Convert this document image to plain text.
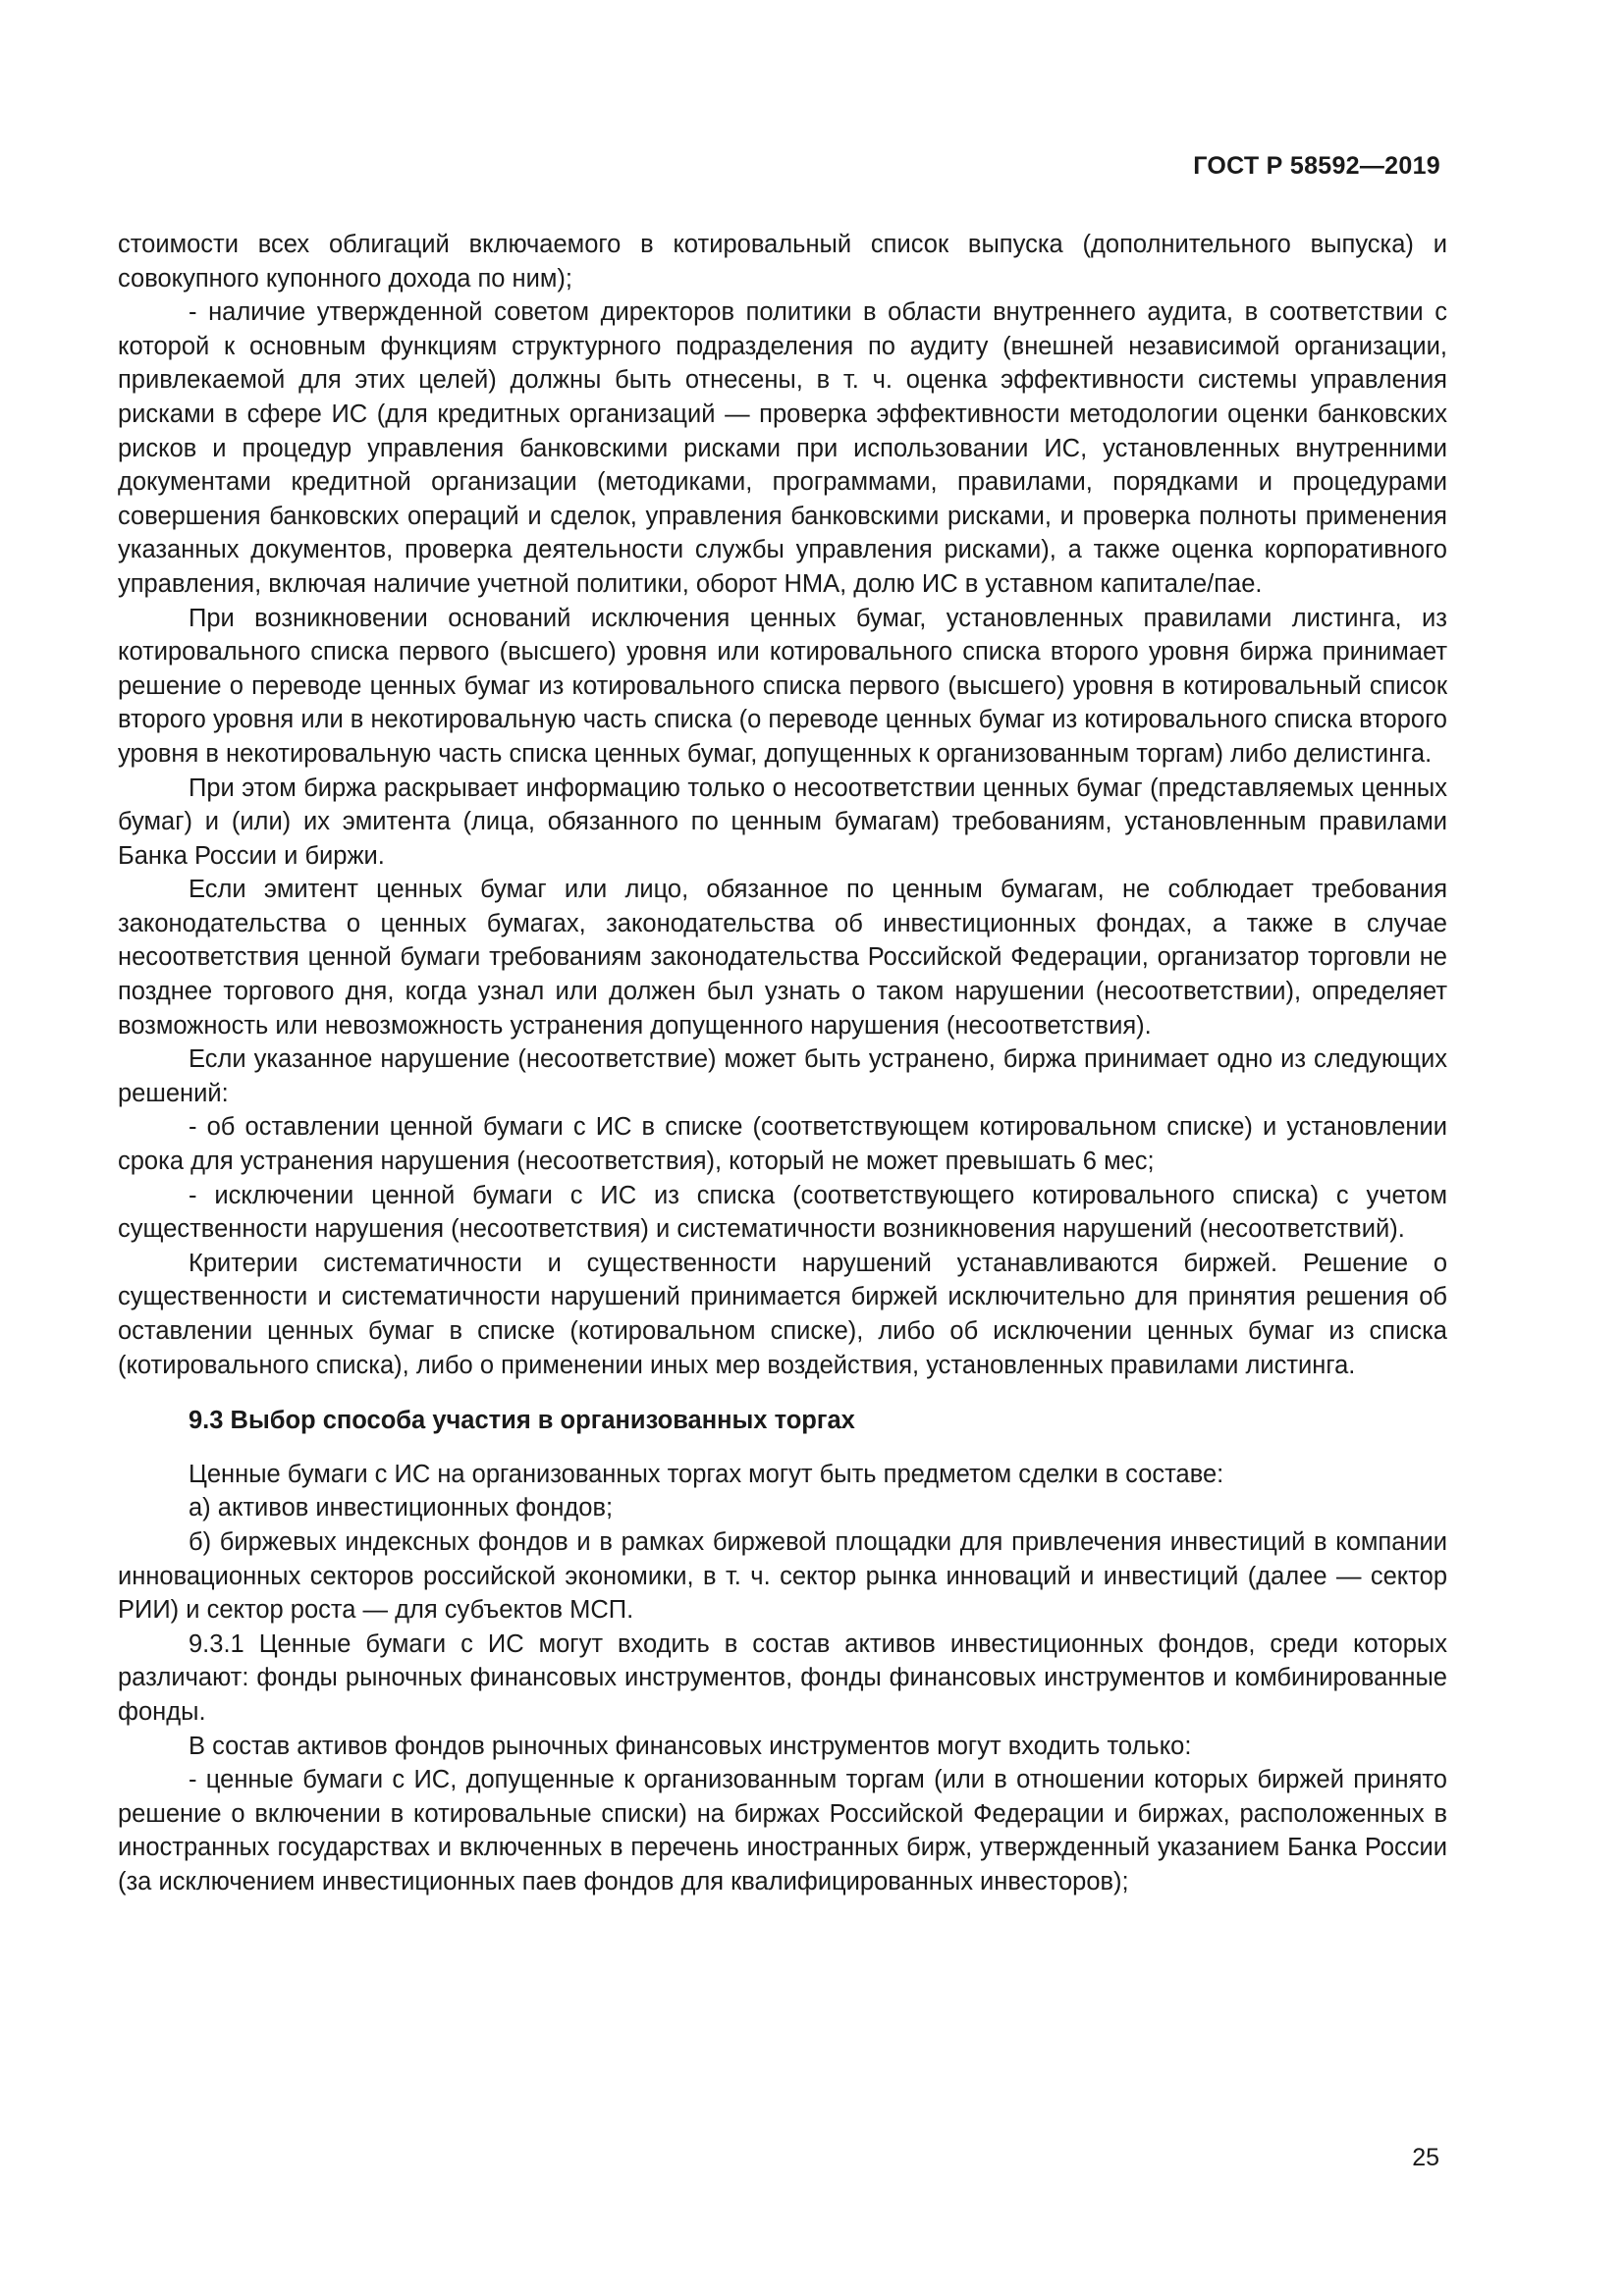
ГОСТ Р 58592—2019

стоимости всех облигаций включаемого в котировальный список выпуска (дополнительного выпуска) и совокупного купонного дохода по ним);

- наличие утвержденной советом директоров политики в области внутреннего аудита, в соответствии с которой к основным функциям структурного подразделения по аудиту (внешней независимой организации, привлекаемой для этих целей) должны быть отнесены, в т. ч. оценка эффективности системы управления рисками в сфере ИС (для кредитных организаций — проверка эффективности методологии оценки банковских рисков и процедур управления банковскими рисками при использовании ИС, установленных внутренними документами кредитной организации (методиками, программами, правилами, порядками и процедурами совершения банковских операций и сделок, управления банковскими рисками, и проверка полноты применения указанных документов, проверка деятельности службы управления рисками), а также оценка корпоративного управления, включая наличие учетной политики, оборот НМА, долю ИС в уставном капитале/пае.

При возникновении оснований исключения ценных бумаг, установленных правилами листинга, из котировального списка первого (высшего) уровня или котировального списка второго уровня биржа принимает решение о переводе ценных бумаг из котировального списка первого (высшего) уровня в котировальный список второго уровня или в некотировальную часть списка (о переводе ценных бумаг из котировального списка второго уровня в некотировальную часть списка ценных бумаг, допущенных к организованным торгам) либо делистинга.

При этом биржа раскрывает информацию только о несоответствии ценных бумаг (представляемых ценных бумаг) и (или) их эмитента (лица, обязанного по ценным бумагам) требованиям, установленным правилами Банка России и биржи.

Если эмитент ценных бумаг или лицо, обязанное по ценным бумагам, не соблюдает требования законодательства о ценных бумагах, законодательства об инвестиционных фондах, а также в случае несоответствия ценной бумаги требованиям законодательства Российской Федерации, организатор торговли не позднее торгового дня, когда узнал или должен был узнать о таком нарушении (несоответствии), определяет возможность или невозможность устранения допущенного нарушения (несоответствия).

Если указанное нарушение (несоответствие) может быть устранено, биржа принимает одно из следующих решений:

- об оставлении ценной бумаги с ИС в списке (соответствующем котировальном списке) и установлении срока для устранения нарушения (несоответствия), который не может превышать 6 мес;

- исключении ценной бумаги с ИС из списка (соответствующего котировального списка) с учетом существенности нарушения (несоответствия) и систематичности возникновения нарушений (несоответствий).

Критерии систематичности и существенности нарушений устанавливаются биржей. Решение о существенности и систематичности нарушений принимается биржей исключительно для принятия решения об оставлении ценных бумаг в списке (котировальном списке), либо об исключении ценных бумаг из списка (котировального списка), либо о применении иных мер воздействия, установленных правилами листинга.

9.3 Выбор способа участия в организованных торгах

Ценные бумаги с ИС на организованных торгах могут быть предметом сделки в составе:

а) активов инвестиционных фондов;

б) биржевых индексных фондов и в рамках биржевой площадки для привлечения инвестиций в компании инновационных секторов российской экономики, в т. ч. сектор рынка инноваций и инвестиций (далее — сектор РИИ) и сектор роста — для субъектов МСП.

9.3.1 Ценные бумаги с ИС могут входить в состав активов инвестиционных фондов, среди которых различают: фонды рыночных финансовых инструментов, фонды финансовых инструментов и комбинированные фонды.

В состав активов фондов рыночных финансовых инструментов могут входить только:

- ценные бумаги с ИС, допущенные к организованным торгам (или в отношении которых биржей принято решение о включении в котировальные списки) на биржах Российской Федерации и биржах, расположенных в иностранных государствах и включенных в перечень иностранных бирж, утвержденный указанием Банка России (за исключением инвестиционных паев фондов для квалифицированных инвесторов);

25
